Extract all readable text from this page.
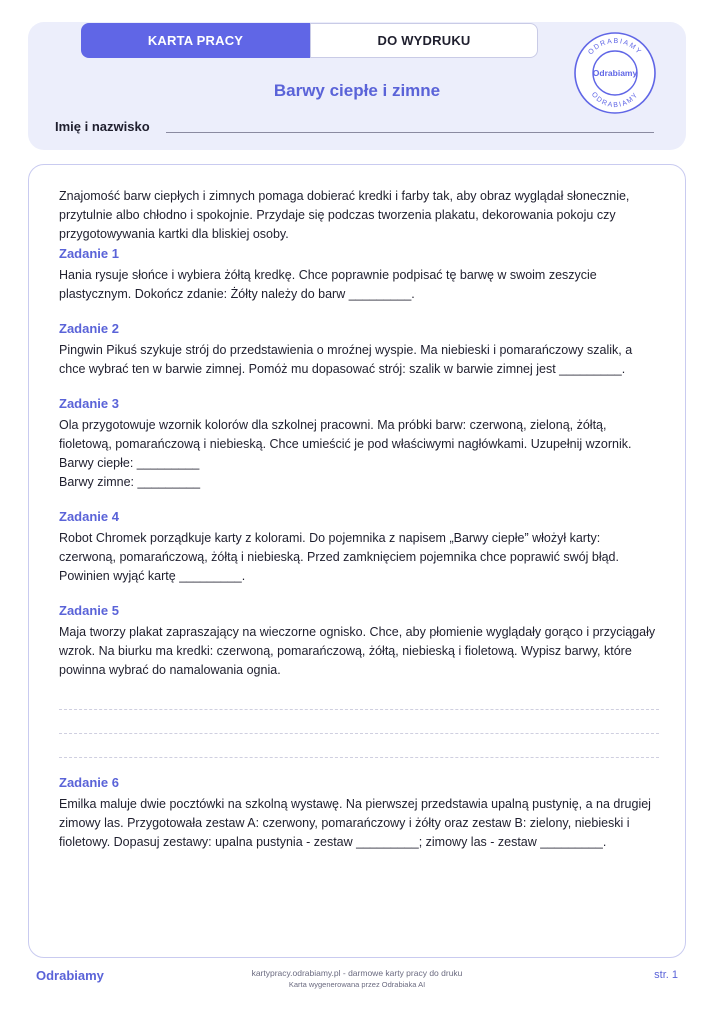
KARTA PRACY	DO WYDRUKU
Barwy ciepłe i zimne
Imię i nazwisko
ODRABIAMY
Odrabiamy
ODRABIAMY

Znajomość barw ciepłych i zimnych pomaga dobierać kredki i farby tak, aby obraz wyglądał słonecznie, przytulnie albo chłodno i spokojnie. Przydaje się podczas tworzenia plakatu, dekorowania pokoju czy przygotowywania kartki dla bliskiej osoby.

Zadanie 1

Hania rysuje słońce i wybiera żółtą kredkę. Chce poprawnie podpisać tę barwę w swoim zeszycie plastycznym. Dokończ zdanie: Żółty należy do barw _________.

Zadanie 2

Pingwin Pikuś szykuje strój do przedstawienia o mroźnej wyspie. Ma niebieski i pomarańczowy szalik, a chce wybrać ten w barwie zimnej. Pomóż mu dopasować strój: szalik w barwie zimnej jest _________.

Zadanie 3

Ola przygotowuje wzornik kolorów dla szkolnej pracowni. Ma próbki barw: czerwoną, zieloną, żółtą, fioletową, pomarańczową i niebieską. Chce umieścić je pod właściwymi nagłówkami. Uzupełnij wzornik.

Barwy ciepłe: _________

Barwy zimne: _________

Zadanie 4

Robot Chromek porządkuje karty z kolorami. Do pojemnika z napisem „Barwy ciepłe” włożył karty: czerwoną, pomarańczową, żółtą i niebieską. Przed zamknięciem pojemnika chce poprawić swój błąd. Powinien wyjąć kartę _________.

Zadanie 5

Maja tworzy plakat zapraszający na wieczorne ognisko. Chce, aby płomienie wyglądały gorąco i przyciągały wzrok. Na biurku ma kredki: czerwoną, pomarańczową, żółtą, niebieską i fioletową. Wypisz barwy, które powinna wybrać do namalowania ognia.

Zadanie 6

Emilka maluje dwie pocztówki na szkolną wystawę. Na pierwszej przedstawia upalną pustynię, a na drugiej zimowy las. Przygotowała zestaw A: czerwony, pomarańczowy i żółty oraz zestaw B: zielony, niebieski i fioletowy. Dopasuj zestawy: upalna pustynia - zestaw _________; zimowy las - zestaw _________.

Odrabiamy	kartypracy.odrabiamy.pl - darmowe karty pracy do druku
Karta wygenerowana przez Odrabiaka AI
str. 1
